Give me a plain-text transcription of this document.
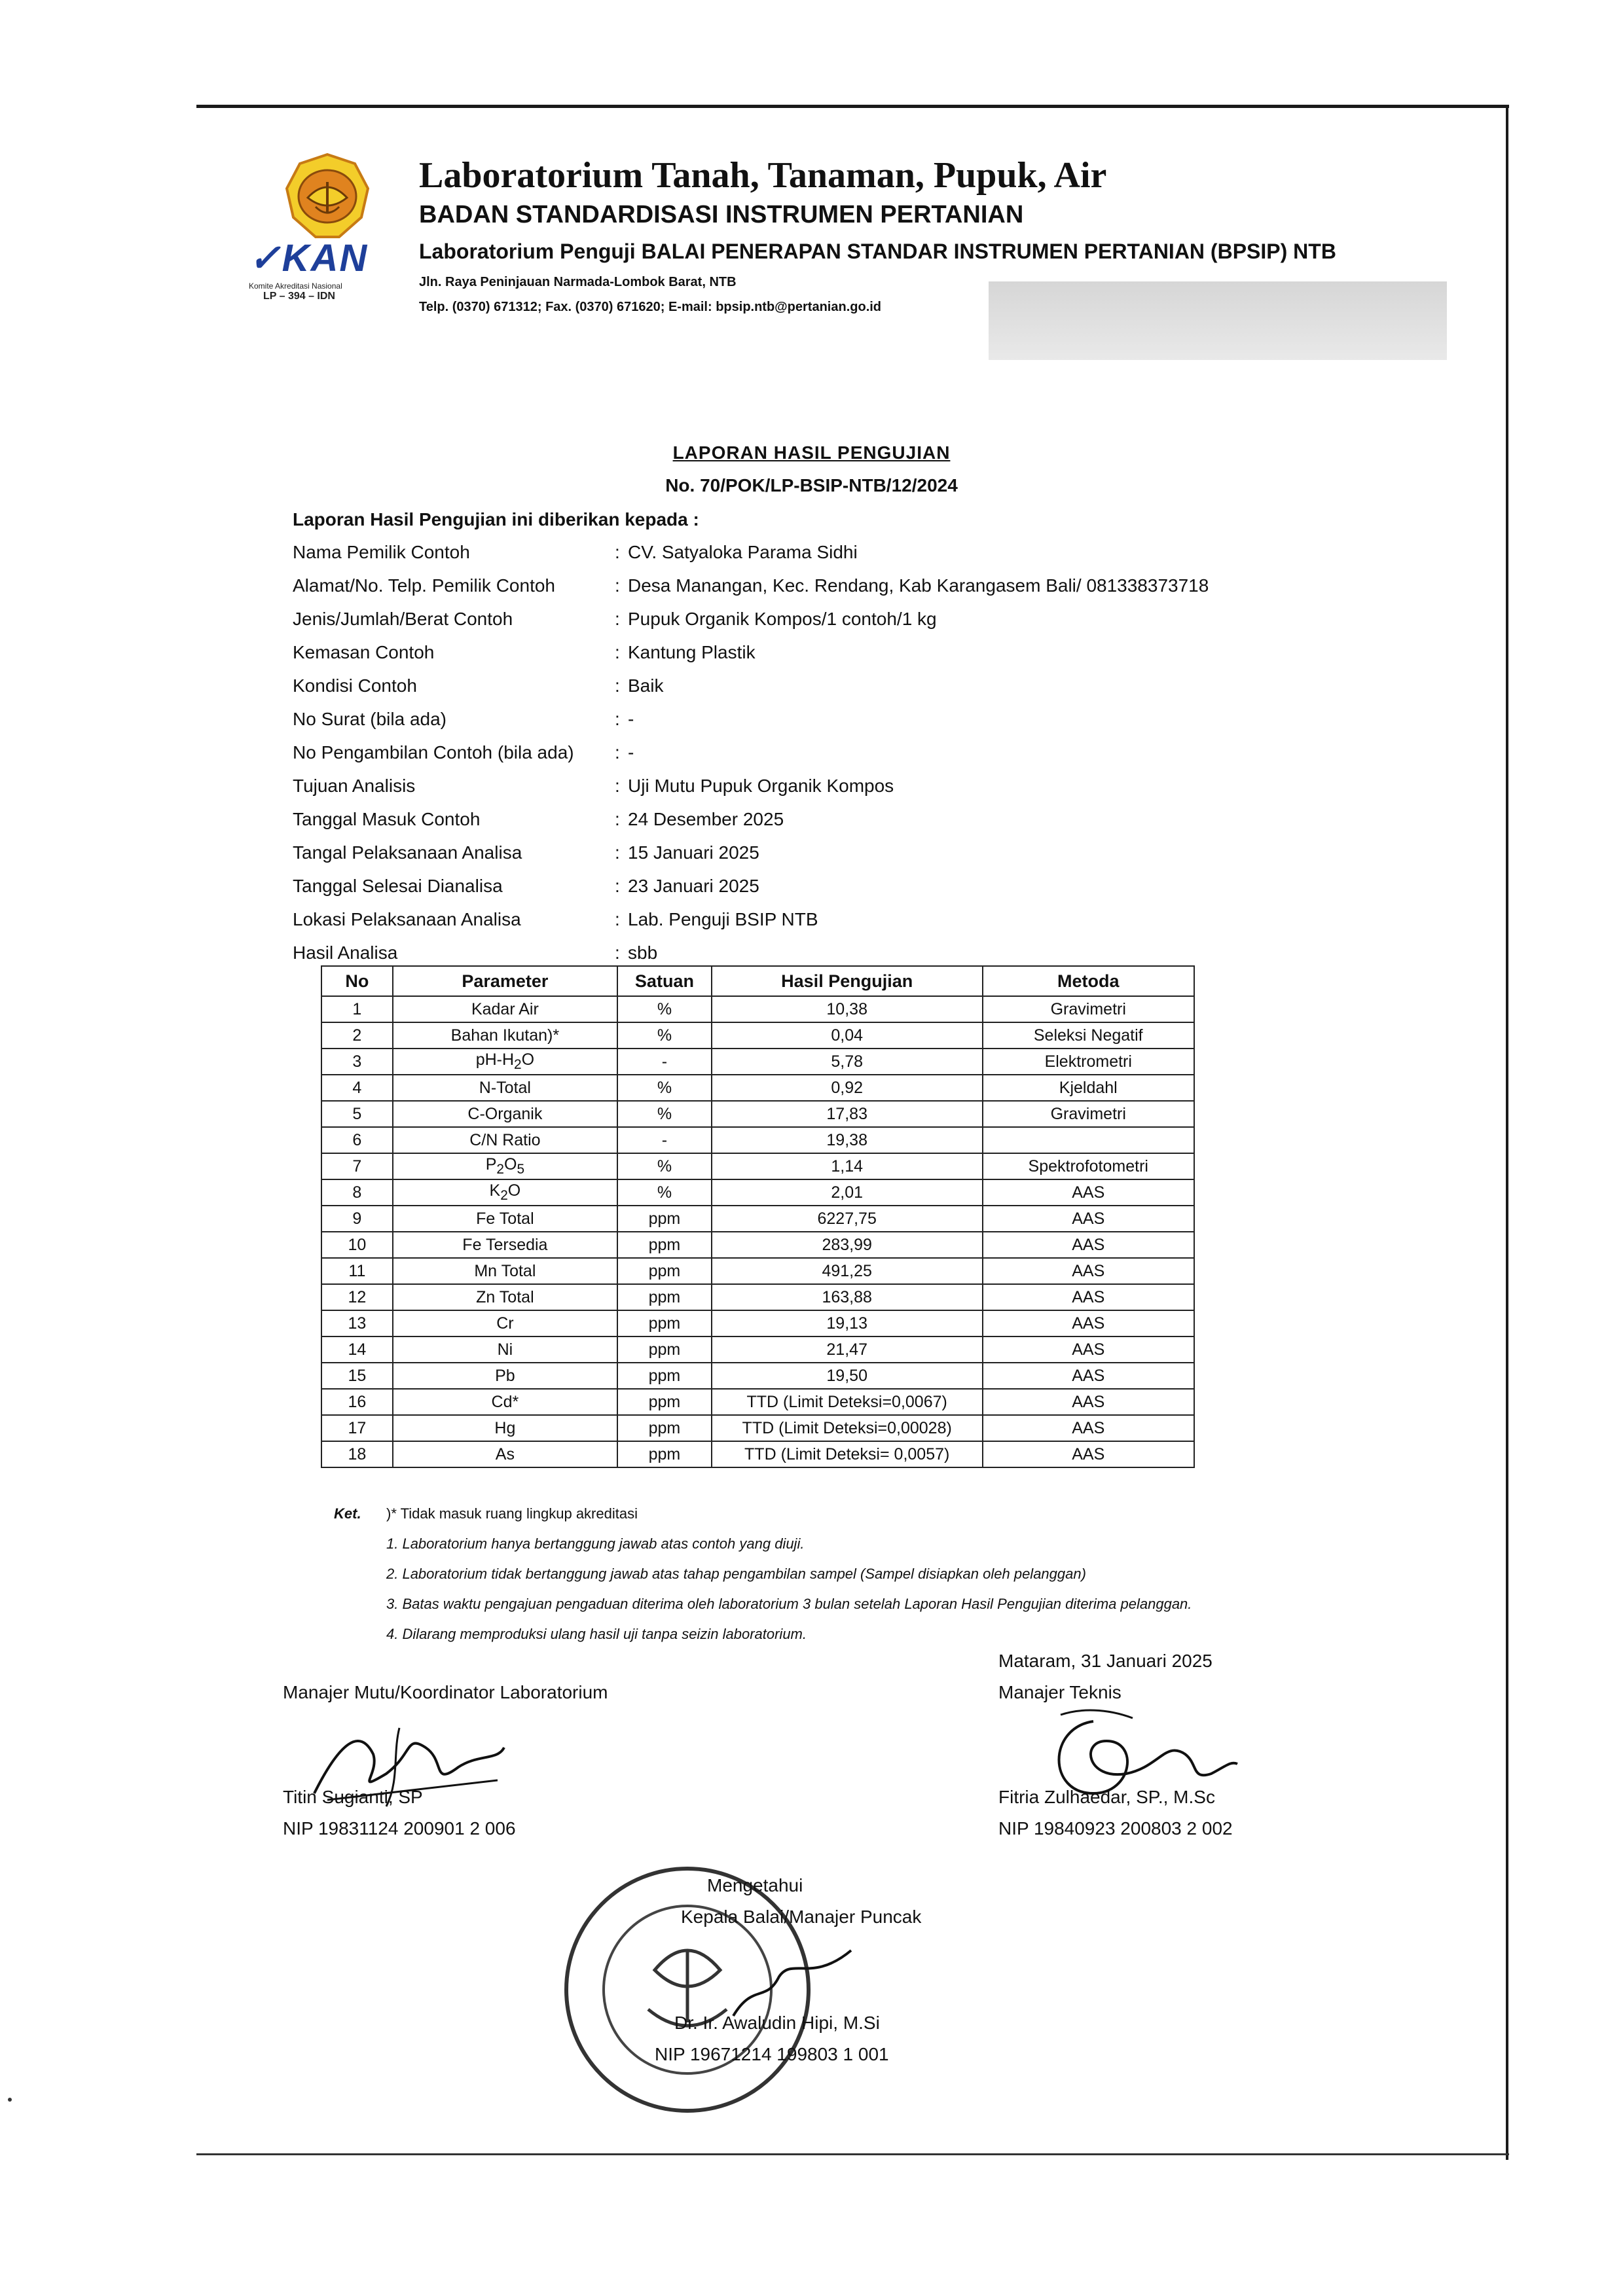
✓KAN
Komite Akreditasi Nasional
LP – 394 – IDN
Laboratorium Tanah, Tanaman, Pupuk, Air
BADAN STANDARDISASI INSTRUMEN PERTANIAN
Laboratorium Penguji BALAI PENERAPAN STANDAR INSTRUMEN PERTANIAN (BPSIP) NTB
Jln. Raya Peninjauan Narmada-Lombok Barat, NTB
Telp. (0370) 671312; Fax. (0370) 671620; E-mail: bpsip.ntb@pertanian.go.id
LAPORAN HASIL PENGUJIAN
No. 70/POK/LP-BSIP-NTB/12/2024
Laporan Hasil Pengujian ini diberikan kepada :
Nama Pemilik Contoh	: CV. Satyaloka Parama Sidhi
Alamat/No. Telp. Pemilik Contoh	: Desa Manangan, Kec. Rendang, Kab Karangasem Bali/ 081338373718
Jenis/Jumlah/Berat Contoh	: Pupuk Organik Kompos/1 contoh/1 kg
Kemasan Contoh	: Kantung Plastik
Kondisi Contoh	: Baik
No Surat (bila ada)	: -
No Pengambilan Contoh (bila ada) : -
Tujuan Analisis	: Uji Mutu Pupuk Organik Kompos
Tanggal Masuk Contoh	: 24 Desember 2025
Tangal Pelaksanaan Analisa	: 15 Januari 2025
Tanggal Selesai Dianalisa	: 23 Januari 2025
Lokasi Pelaksanaan Analisa	: Lab. Penguji BSIP NTB
Hasil Analisa	: sbb
No	Parameter	Satuan	Hasil Pengujian	Metoda
1	Kadar Air	%	10,38	Gravimetri
2	Bahan Ikutan)*	%	0,04	Seleksi Negatif
3	$pH-H_2O$	-	5,78	Elektrometri
4	N-Total	%	0,92	Kjeldahl
5	C-Organik	%	17,83	Gravimetri
6	C/N Ratio	-	19,38	
7	$P_2O_5$	%	1,14	Spektrofotometri
8	$K_2O$	%	2,01	AAS
9	Fe Total	ppm	6227,75	AAS
10	Fe Tersedia	ppm	283,99	AAS
11	Mn Total	ppm	491,25	AAS
12	Zn Total	ppm	163,88	AAS
13	Cr	ppm	19,13	AAS
14	Ni	ppm	21,47	AAS
15	Pb	ppm	19,50	AAS
16	Cd*	ppm	TTD (Limit Deteksi=0,0067)	AAS
17	Hg	ppm	TTD (Limit Deteksi=0,00028)	AAS
18	As	ppm	TTD (Limit Deteksi= 0,0057)	AAS
Ket. )* Tidak masuk ruang lingkup akreditasi
1. Laboratorium hanya bertanggung jawab atas contoh yang diuji.
2. Laboratorium tidak bertanggung jawab atas tahap pengambilan sampel (Sampel disiapkan oleh pelanggan)
3. Batas waktu pengajuan pengaduan diterima oleh laboratorium 3 bulan setelah Laporan Hasil Pengujian diterima pelanggan.
4. Dilarang memproduksi ulang hasil uji tanpa seizin laboratorium.
Manajer Mutu/Koordinator Laboratorium
Titin Sugianti, SP
NIP 19831124 200901 2 006
Mataram, 31 Januari 2025
Manajer Teknis
Fitria Zulhaedar, SP., M.Sc
NIP 19840923 200803 2 002
Mengetahui
Kepala Balai/Manajer Puncak
Dr. Ir. Awaludin Hipi, M.Si
NIP 19671214 199803 1 001
